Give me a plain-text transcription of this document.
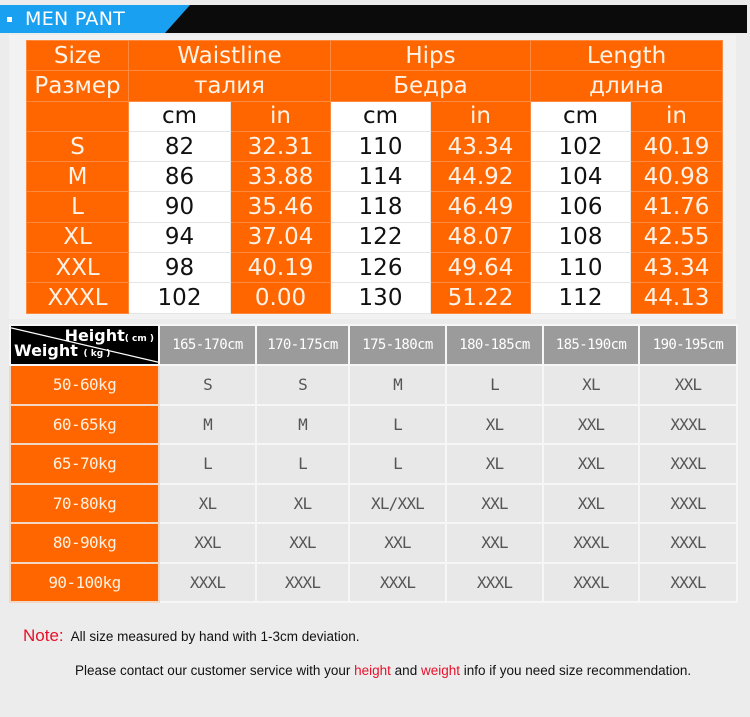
MEN PANT
Size	Waistline		Hips		Length	
Размер	талия		Бедра		длина	
	cm	in	cm	in	cm	in
S	82	32.31	110	43.34	102	40.19
M	86	33.88	114	44.92	104	40.98
L	90	35.46	118	46.49	106	41.76
XL	94	37.04	122	48.07	108	42.55
XXL	98	40.19	126	49.64	110	43.34
XXXL	102	0.00	130	51.22	112	44.13
Height( cm )
Weight ( kg )	165-170cm	170-175cm	175-180cm	180-185cm	185-190cm	190-195cm
50-60kg	S	S	M	L	XL	XXL
60-65kg	M	M	L	XL	XXL	XXXL
65-70kg	L	L	L	XL	XXL	XXXL
70-80kg	XL	XL	XL/XXL	XXL	XXL	XXXL
80-90kg	XXL	XXL	XXL	XXL	XXXL	XXXL
90-100kg	XXXL	XXXL	XXXL	XXXL	XXXL	XXXL
Note: All size measured by hand with 1-3cm deviation.
Please contact our customer service with your height and weight info if you need size recommendation.
